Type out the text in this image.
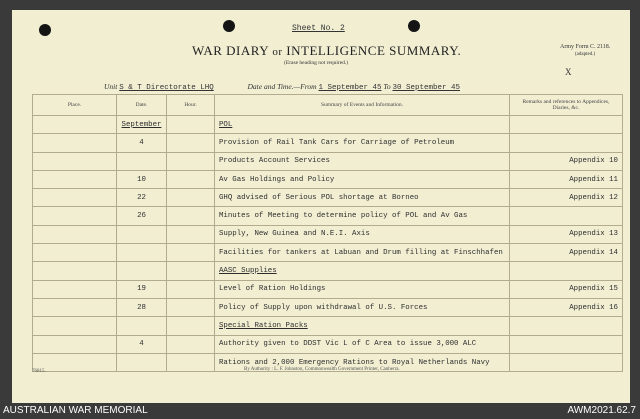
Sheet No. 2
WAR DIARY or INTELLIGENCE SUMMARY.
(Erase heading not required.)
Army Form C. 2118.
(adapted.)
X
Unit S & T Directorate LHQ	Date and Time.—From 1 September 45 To 30 September 45
Place.	Date.	Hour.	Summary of Events and Information.	Remarks and references to Appendices, Diaries, &c.
	September		POL	
	4		Provision of Rail Tank Cars for Carriage of Petroleum	
			Products Account Services	Appendix 10
	10		Av Gas Holdings and Policy	Appendix 11
	22		GHQ advised of Serious POL shortage at Borneo	Appendix 12
	26		Minutes of Meeting to determine policy of POL and Av Gas	
			Supply, New Guinea and N.E.I. Axis	Appendix 13
			Facilities for tankers at Labuan and Drum filling at Finschhafen	Appendix 14
			AASC Supplies	
	19		Level of Ration Holdings	Appendix 15
	28		Policy of Supply upon withdrawal of U.S. Forces	Appendix 16
			Special Ration Packs	
	4		Authority given to DDST Vic L of C Area to issue 3,000 ALC	
			Rations and 2,000 Emergency Rations to Royal Netherlands Navy	
76815.	By Authority : L. F. Johnston, Commonwealth Government Printer, Canberra.
AUSTRALIAN WAR MEMORIAL	AWM2021.62.7
